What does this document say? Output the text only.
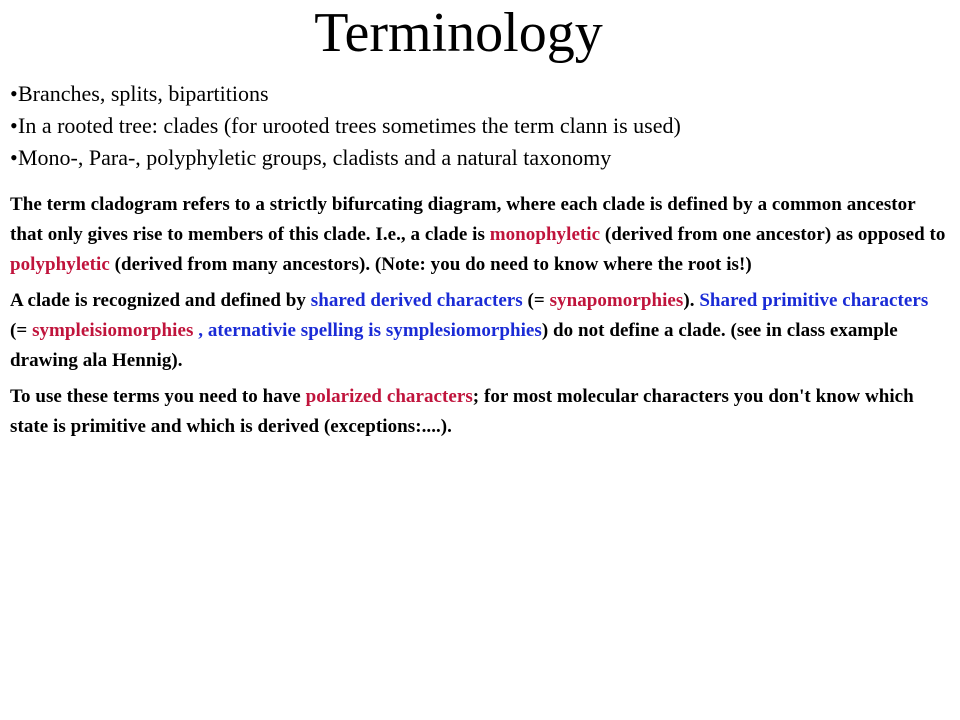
Terminology
•Branches, splits, bipartitions
•In a rooted tree: clades (for urooted trees sometimes the term clann is used)
•Mono-, Para-, polyphyletic groups, cladists and a natural taxonomy

The term cladogram refers to a strictly bifurcating diagram, where each clade is defined by a common ancestor that only gives rise to members of this clade. I.e., a clade is monophyletic (derived from one ancestor) as opposed to polyphyletic (derived from many ancestors). (Note: you do need to know where the root is!)

A clade is recognized and defined by shared derived characters (= synapomorphies). Shared primitive characters (= sympleisiomorphies , aternativie spelling is symplesiomorphies) do not define a clade. (see in class example drawing ala Hennig).

To use these terms you need to have polarized characters; for most molecular characters you don't know which state is primitive and which is derived (exceptions:....).
